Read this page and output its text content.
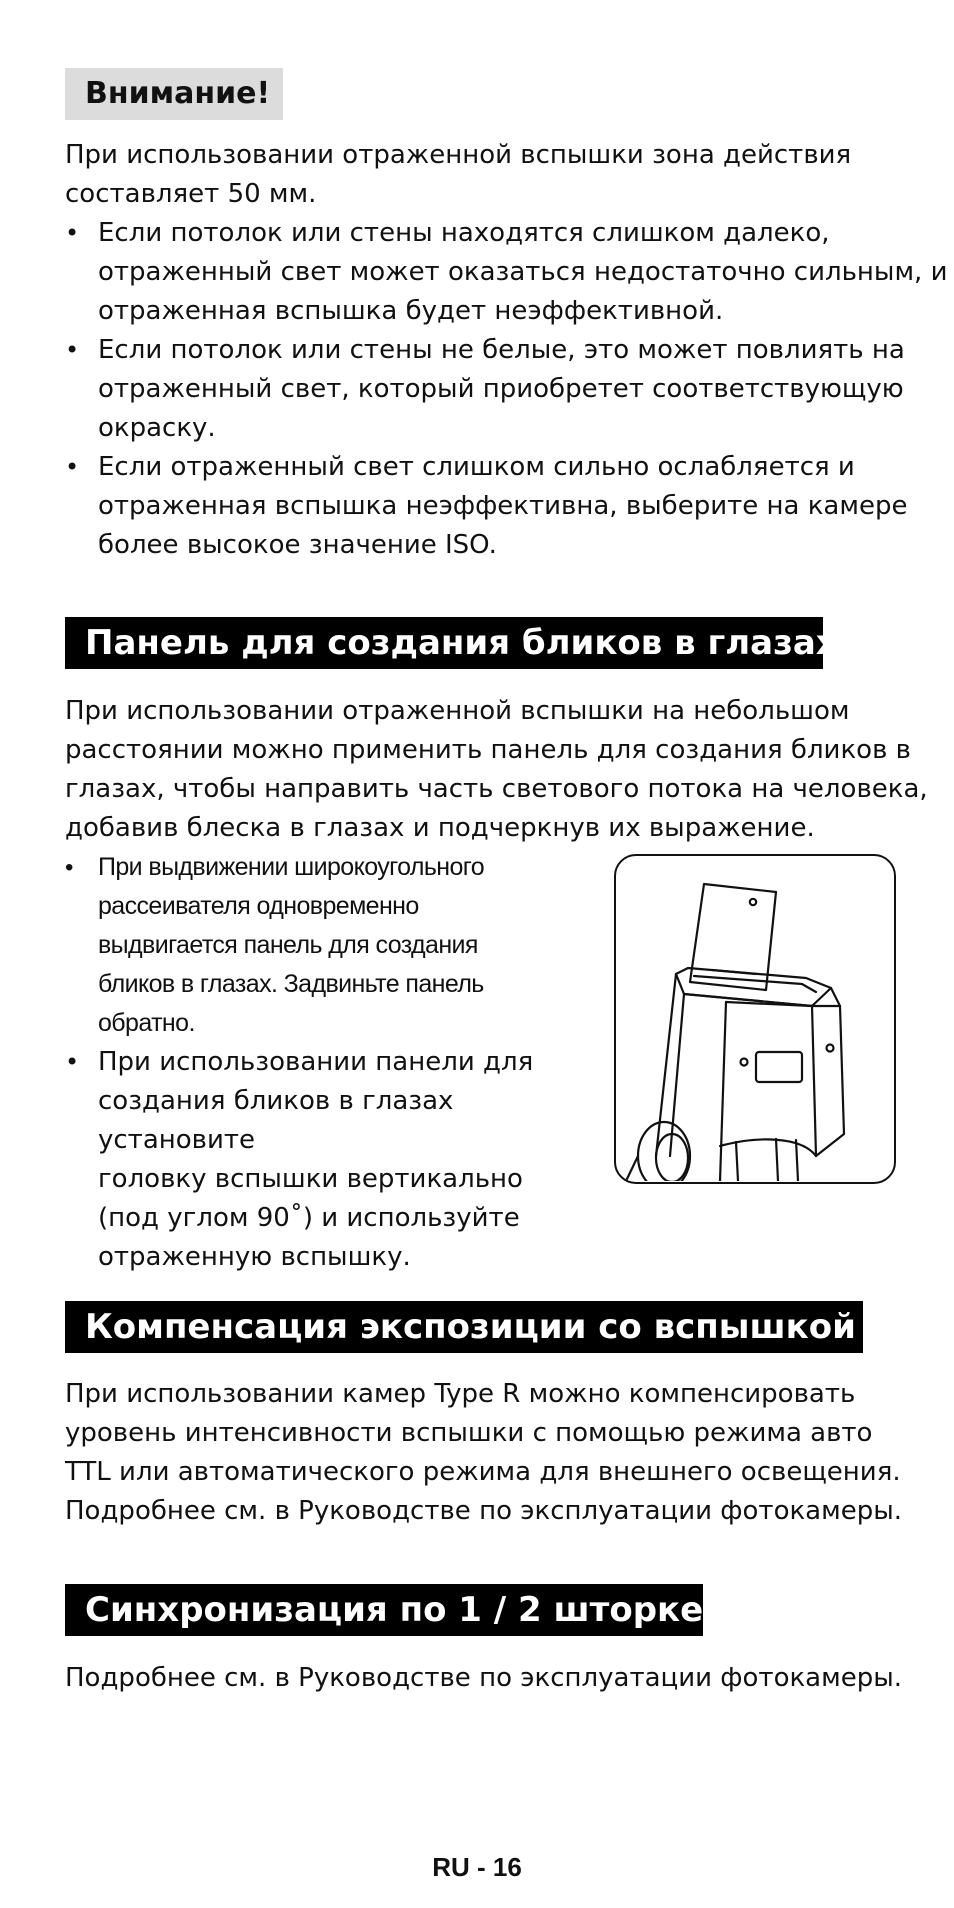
Внимание!
При использовании отраженной вспышки зона действия
составляет 50 мм.
• Если потолок или стены находятся слишком далеко,
отраженный свет может оказаться недостаточно сильным, и
отраженная вспышка будет неэффективной.
• Если потолок или стены не белые, это может повлиять на
отраженный свет, который приобретет соответствующую
окраску.
• Если отраженный свет слишком сильно ослабляется и
отраженная вспышка неэффективна, выберите на камере
более высокое значение ISO.
Панель для создания бликов в глазах
При использовании отраженной вспышки на небольшом
расстоянии можно применить панель для создания бликов в
глазах, чтобы направить часть светового потока на человека,
добавив блеска в глазах и подчеркнув их выражение.
• При выдвижении широкоугольного
рассеивателя одновременно
выдвигается панель для создания
бликов в глазах. Задвиньте панель
обратно.
• При использовании панели для
создания бликов в глазах установите
головку вспышки вертикально
(под углом 90˚) и используйте
отраженную вспышку.
Компенсация экспозиции со вспышкой
При использовании камер Type R можно компенсировать
уровень интенсивности вспышки с помощью режима авто
TTL или автоматического режима для внешнего освещения.
Подробнее см. в Руководстве по эксплуатации фотокамеры.
Синхронизация по 1 / 2 шторке
Подробнее см. в Руководстве по эксплуатации фотокамеры.
RU - 16
